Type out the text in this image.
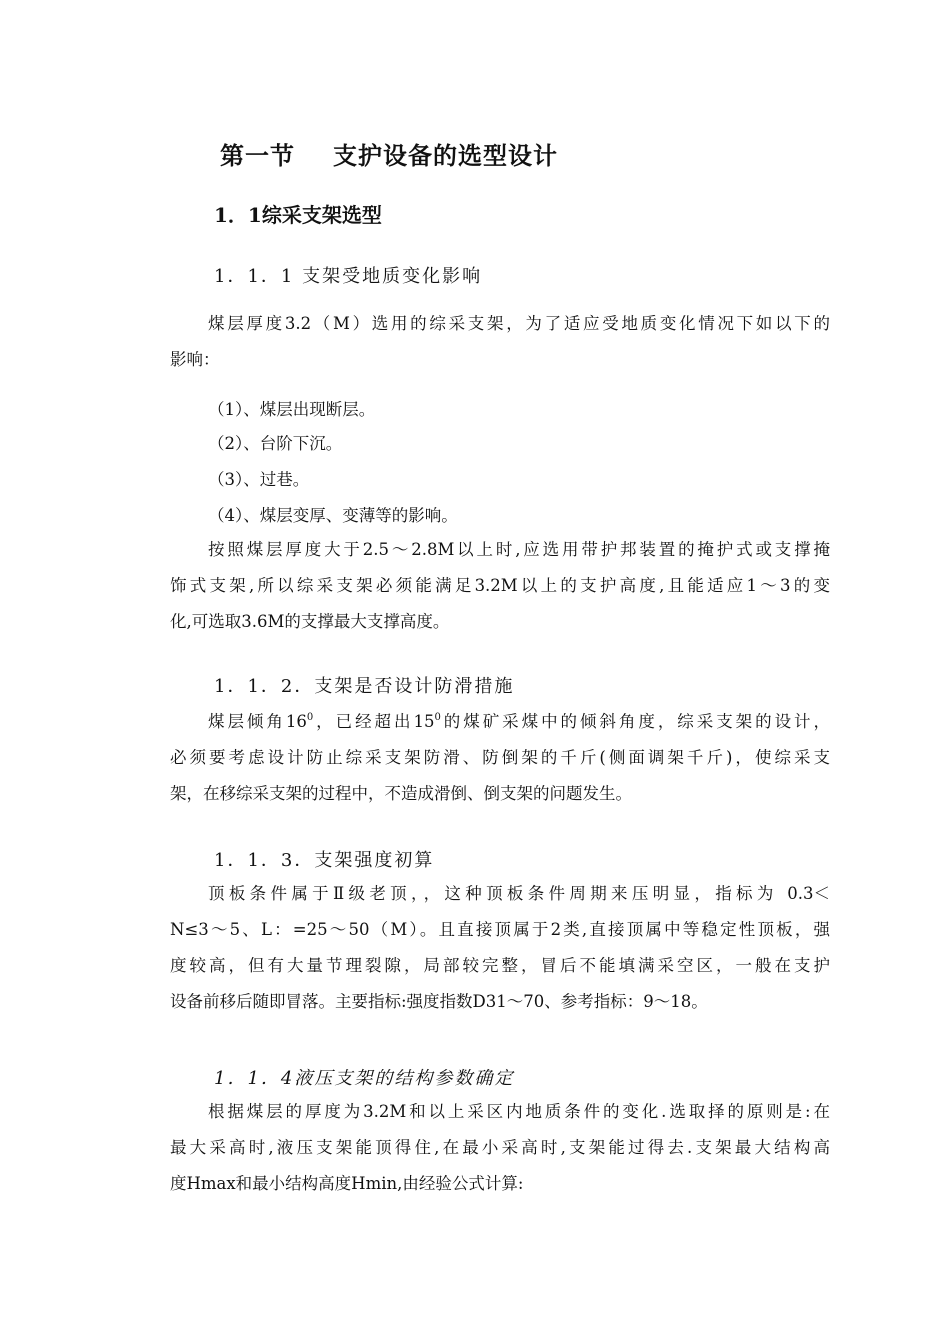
第一节 支护设备的选型设计
1．1综采支架选型
1．1．1 支架受地质变化影响
煤层厚度3.2（M）选用的综采支架，为了适应受地质变化情况下如以下的
影响：
（1）、煤层出现断层。
（2）、台阶下沉。
（3）、过巷。
（4）、煤层变厚、变薄等的影响。
按照煤层厚度大于2.5～2.8M以上时,应选用带护邦装置的掩护式或支撑掩
饰式支架,所以综采支架必须能满足3.2M以上的支护高度,且能适应1～3的变
化,可选取3.6M的支撑最大支撑高度。
1．1．2．支架是否设计防滑措施
煤层倾角$16^0$，已经超出$15^0$的煤矿采煤中的倾斜角度，综采支架的设计，
必须要考虑设计防止综采支架防滑、防倒架的千斤(侧面调架千斤)，使综采支
架，在移综采支架的过程中，不造成滑倒、倒支架的问题发生。
1．1．3．支架强度初算
顶板条件属于Ⅱ级老顶，，这种顶板条件周期来压明显，指标为 0.3＜
N≤3～5、L：=25～50（M）。且直接顶属于2类,直接顶属中等稳定性顶板，强
度较高，但有大量节理裂隙，局部较完整，冒后不能填满采空区，一般在支护
设备前移后随即冒落。主要指标:强度指数D31～70、参考指标：9～18。
1．1．4液压支架的结构参数确定
根据煤层的厚度为3.2M和以上采区内地质条件的变化.选取择的原则是:在
最大采高时,液压支架能顶得住,在最小采高时,支架能过得去.支架最大结构高
度Hmax和最小结构高度Hmin,由经验公式计算:
